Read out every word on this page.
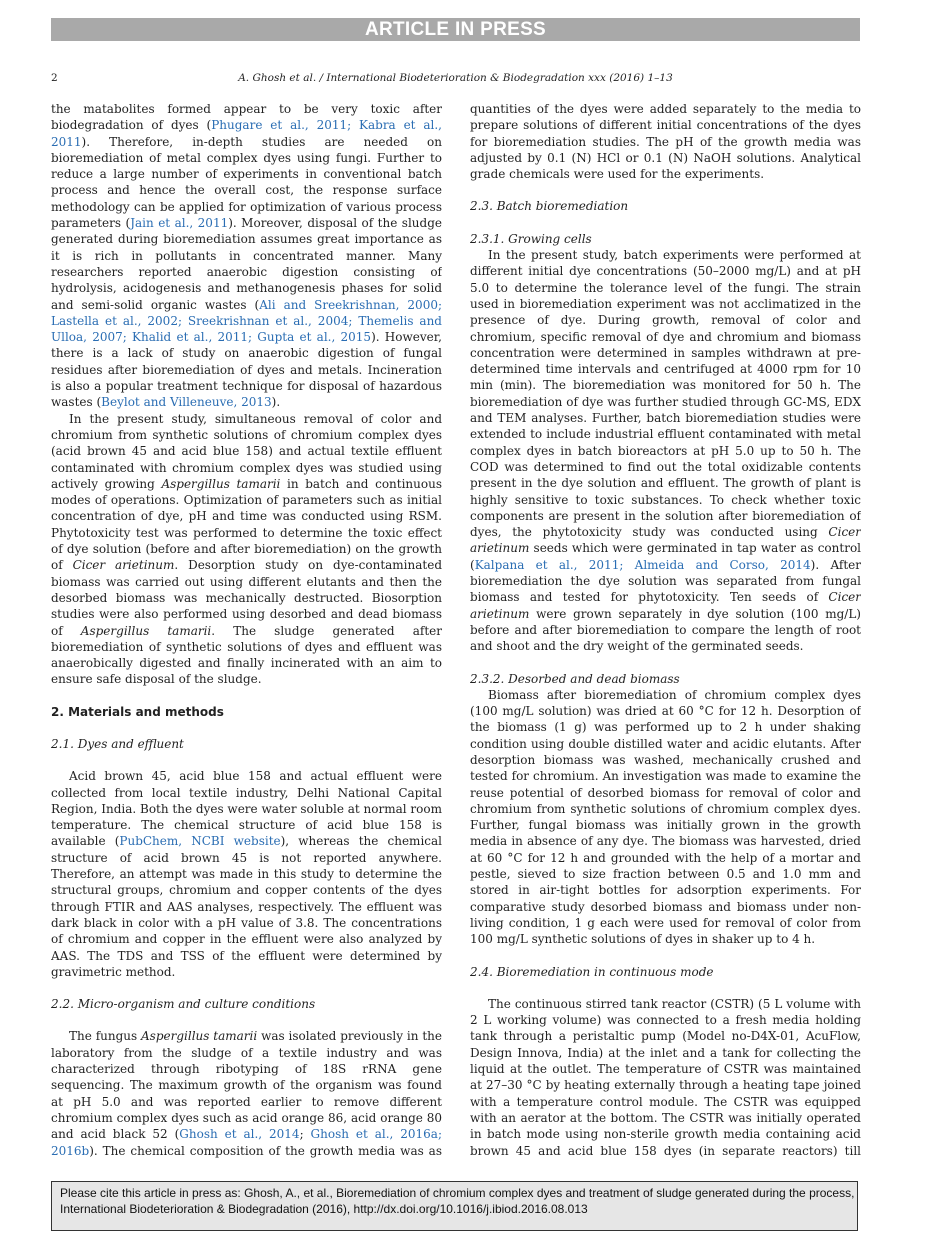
ARTICLE IN PRESS
2	A. Ghosh et al. / International Biodeterioration & Biodegradation xxx (2016) 1–13

the matabolites formed appear to be very toxic after biodegradation of dyes (Phugare et al., 2011; Kabra et al., 2011). Therefore, in-depth studies are needed on bioremediation of metal complex dyes using fungi. Further to reduce a large number of experiments in conventional batch process and hence the overall cost, the response surface methodology can be applied for optimization of various process parameters (Jain et al., 2011). Moreover, disposal of the sludge generated during bioremediation assumes great importance as it is rich in pollutants in concentrated manner. Many researchers reported anaerobic digestion consisting of hydrolysis, acidogenesis and methanogenesis phases for solid and semi-solid organic wastes (Ali and Sreekrishnan, 2000; Lastella et al., 2002; Sreekrishnan et al., 2004; Themelis and Ulloa, 2007; Khalid et al., 2011; Gupta et al., 2015). However, there is a lack of study on anaerobic digestion of fungal residues after bioremediation of dyes and metals. Incineration is also a popular treatment technique for disposal of hazardous wastes (Beylot and Villeneuve, 2013).

In the present study, simultaneous removal of color and chromium from synthetic solutions of chromium complex dyes (acid brown 45 and acid blue 158) and actual textile effluent contaminated with chromium complex dyes was studied using actively growing Aspergillus tamarii in batch and continuous modes of operations. Optimization of parameters such as initial concentration of dye, pH and time was conducted using RSM. Phytotoxicity test was performed to determine the toxic effect of dye solution (before and after bioremediation) on the growth of Cicer arietinum. Desorption study on dye-contaminated biomass was carried out using different elutants and then the desorbed biomass was mechanically destructed. Biosorption studies were also performed using desorbed and dead biomass of Aspergillus tamarii. The sludge generated after bioremediation of synthetic solutions of dyes and effluent was anaerobically digested and finally incinerated with an aim to ensure safe disposal of the sludge.

2. Materials and methods
2.1. Dyes and effluent

Acid brown 45, acid blue 158 and actual effluent were collected from local textile industry, Delhi National Capital Region, India. Both the dyes were water soluble at normal room temperature. The chemical structure of acid blue 158 is available (PubChem, NCBI website), whereas the chemical structure of acid brown 45 is not reported anywhere. Therefore, an attempt was made in this study to determine the structural groups, chromium and copper contents of the dyes through FTIR and AAS analyses, respectively. The effluent was dark black in color with a pH value of 3.8. The concentrations of chromium and copper in the effluent were also analyzed by AAS. The TDS and TSS of the effluent were determined by gravimetric method.

2.2. Micro-organism and culture conditions

The fungus Aspergillus tamarii was isolated previously in the laboratory from the sludge of a textile industry and was characterized through ribotyping of 18S rRNA gene sequencing. The maximum growth of the organism was found at pH 5.0 and was reported earlier to remove different chromium complex dyes such as acid orange 86, acid orange 80 and acid black 52 (Ghosh et al., 2014; Ghosh et al., 2016a; 2016b). The chemical composition of the growth media was as

quantities of the dyes were added separately to the media to prepare solutions of different initial concentrations of the dyes for bioremediation studies. The pH of the growth media was adjusted by 0.1 (N) HCl or 0.1 (N) NaOH solutions. Analytical grade chemicals were used for the experiments.

2.3. Batch bioremediation
2.3.1. Growing cells

In the present study, batch experiments were performed at different initial dye concentrations (50–2000 mg/L) and at pH 5.0 to determine the tolerance level of the fungi. The strain used in bioremediation experiment was not acclimatized in the presence of dye. During growth, removal of color and chromium, specific removal of dye and chromium and biomass concentration were determined in samples withdrawn at pre-determined time intervals and centrifuged at 4000 rpm for 10 min (min). The bioremediation was monitored for 50 h. The bioremediation of dye was further studied through GC-MS, EDX and TEM analyses. Further, batch bioremediation studies were extended to include industrial effluent contaminated with metal complex dyes in batch bioreactors at pH 5.0 up to 50 h. The COD was determined to find out the total oxidizable contents present in the dye solution and effluent. The growth of plant is highly sensitive to toxic substances. To check whether toxic components are present in the solution after bioremediation of dyes, the phytotoxicity study was conducted using Cicer arietinum seeds which were germinated in tap water as control (Kalpana et al., 2011; Almeida and Corso, 2014). After bioremediation the dye solution was separated from fungal biomass and tested for phytotoxicity. Ten seeds of Cicer arietinum were grown separately in dye solution (100 mg/L) before and after bioremediation to compare the length of root and shoot and the dry weight of the germinated seeds.

2.3.2. Desorbed and dead biomass

Biomass after bioremediation of chromium complex dyes (100 mg/L solution) was dried at 60 °C for 12 h. Desorption of the biomass (1 g) was performed up to 2 h under shaking condition using double distilled water and acidic elutants. After desorption biomass was washed, mechanically crushed and tested for chromium. An investigation was made to examine the reuse potential of desorbed biomass for removal of color and chromium from synthetic solutions of chromium complex dyes. Further, fungal biomass was initially grown in the growth media in absence of any dye. The biomass was harvested, dried at 60 °C for 12 h and grounded with the help of a mortar and pestle, sieved to size fraction between 0.5 and 1.0 mm and stored in air-tight bottles for adsorption experiments. For comparative study desorbed biomass and biomass under non-living condition, 1 g each were used for removal of color from 100 mg/L synthetic solutions of dyes in shaker up to 4 h.

2.4. Bioremediation in continuous mode

The continuous stirred tank reactor (CSTR) (5 L volume with 2 L working volume) was connected to a fresh media holding tank through a peristaltic pump (Model no-D4X-01, AcuFlow, Design Innova, India) at the inlet and a tank for collecting the liquid at the outlet. The temperature of CSTR was maintained at 27–30 °C by heating externally through a heating tape joined with a temperature control module. The CSTR was equipped with an aerator at the bottom. The CSTR was initially operated in batch mode using non-sterile growth media containing acid brown 45 and acid blue 158 dyes (in separate reactors) till

Please cite this article in press as: Ghosh, A., et al., Bioremediation of chromium complex dyes and treatment of sludge generated during the process, International Biodeterioration & Biodegradation (2016), http://dx.doi.org/10.1016/j.ibiod.2016.08.013
